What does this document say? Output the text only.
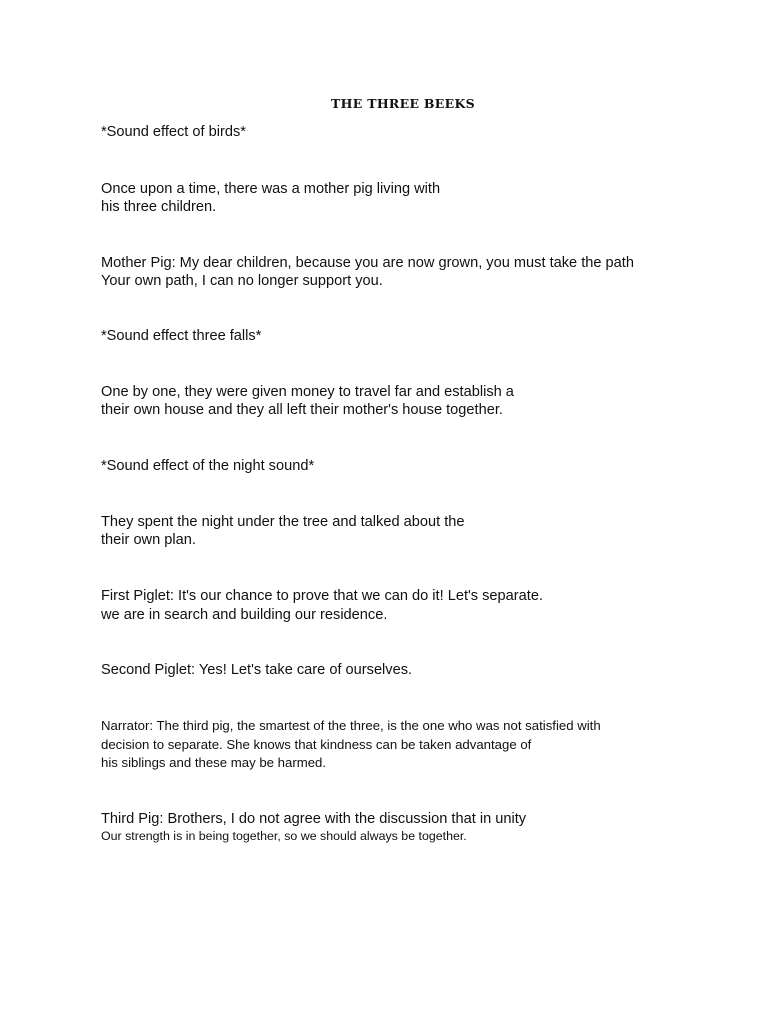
THE THREE BEEKS

*Sound effect of birds*

Once upon a time, there was a mother pig living with

his three children.

Mother Pig: My dear children, because you are now grown, you must take the path

Your own path, I can no longer support you.

*Sound effect three falls*

One by one, they were given money to travel far and establish a

their own house and they all left their mother's house together.

*Sound effect of the night sound*

They spent the night under the tree and talked about the

their own plan.

First Piglet: It's our chance to prove that we can do it! Let's separate.

we are in search and building our residence.

Second Piglet: Yes! Let's take care of ourselves.

Narrator: The third pig, the smartest of the three, is the one who was not satisfied with

decision to separate. She knows that kindness can be taken advantage of

his siblings and these may be harmed.

Third Pig: Brothers, I do not agree with the discussion that in unity

Our strength is in being together, so we should always be together.
